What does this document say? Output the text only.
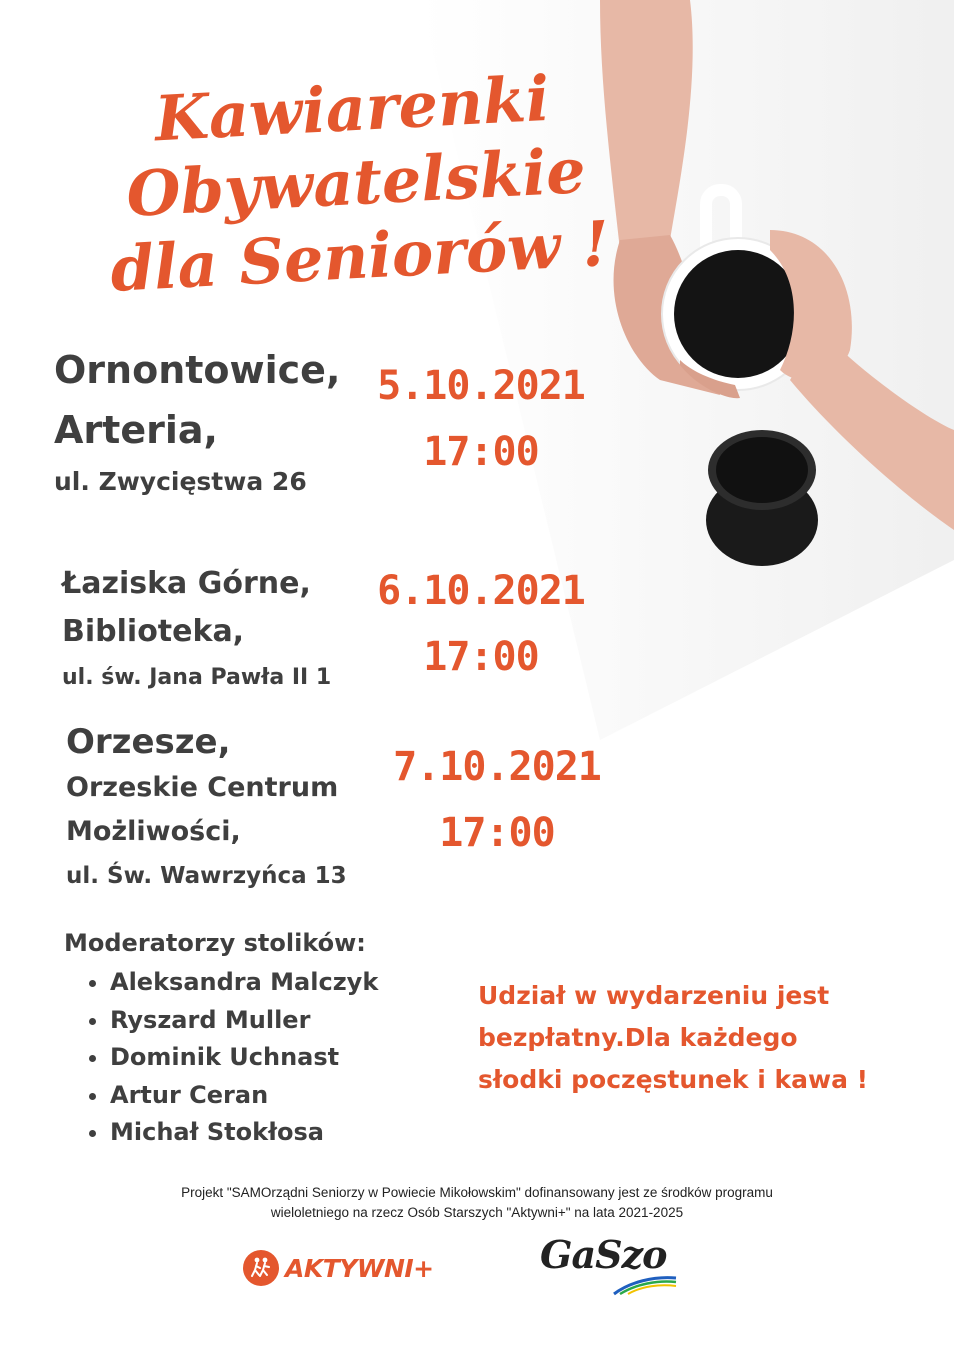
Kawiarenki
Obywatelskie
dla Seniorów !
Ornontowice,
Arteria,
ul. Zwycięstwa 26
5.10.2021
17:00
Łaziska Górne,
Biblioteka,
ul. św. Jana Pawła II 1
6.10.2021
17:00
Orzesze,
Orzeskie Centrum
Możliwości,
ul. Św. Wawrzyńca 13
7.10.2021
17:00
Moderatorzy stolików:
• Aleksandra Malczyk
• Ryszard Muller
• Dominik Uchnast
• Artur Ceran
• Michał Stokłosa
Udział w wydarzeniu jest
bezpłatny.Dla każdego
słodki poczęstunek i kawa !
Projekt "SAMOrządni Seniorzy w Powiecie Mikołowskim" dofinansowany jest ze środków programu
wieloletniego na rzecz Osób Starszych "Aktywni+" na lata 2021-2025
AKTYWNI+	GaSzo
